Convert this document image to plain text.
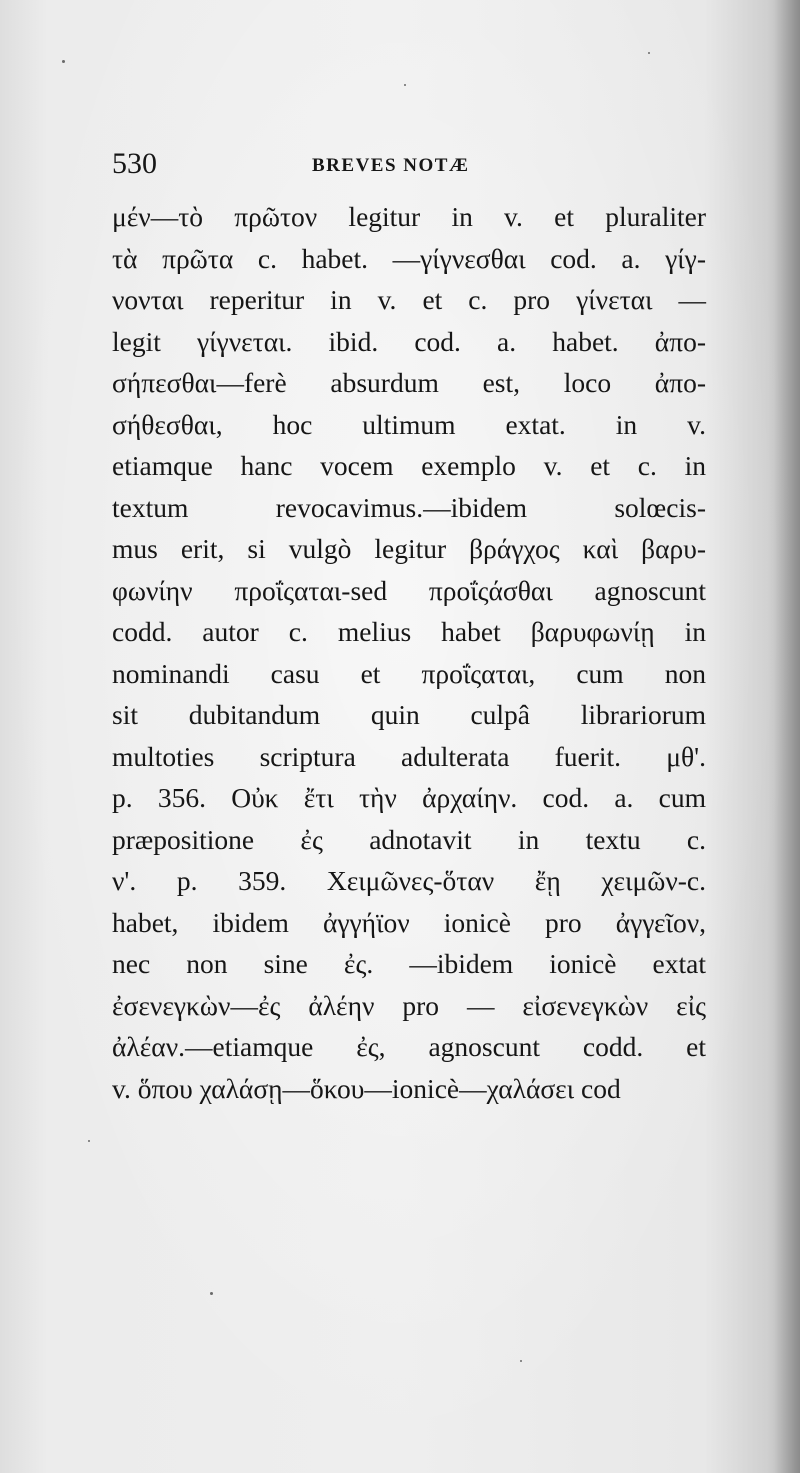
530	BREVES NOTÆ
μέν—τὸ πρῶτον legitur in v. et pluraliter
τὰ πρῶτα c. habet. —γίγνεσθαι cod. a. γίγ-
νονται reperitur in v. et c. pro γίνεται —
legit γίγνεται. ibid. cod. a. habet. ἀπο-
σήπεσθαι—ferè absurdum est, loco ἀπο-
σήθεσθαι, hoc ultimum extat. in v.
etiamque hanc vocem exemplo v. et c. in
textum revocavimus.—ibidem solœcis-
mus erit, si vulgò legitur βράγχος καὶ βαρυ-
φωνίην προΐςαται-sed προΐςάσθαι agnoscunt
codd. autor c. melius habet βαρυφωνίῃ in
nominandi casu et προΐςαται, cum non
sit dubitandum quin culpâ librariorum
multoties scriptura adulterata fuerit. μθ'.
p. 356. Οὐκ ἔτι τὴν ἀρχαίην. cod. a. cum
præpositione ἐς adnotavit in textu c.
ν'. p. 359. Χειμῶνες-ὅταν ἔῃ χειμῶν-c.
habet, ibidem ἀγγήϊον ionicè pro ἀγγεῖον,
nec non sine ἐς. —ibidem ionicè extat
ἐσενεγκὼν—ἐς ἀλέην pro — εἰσενεγκὼν εἰς
ἀλέαν.—etiamque ἐς, agnoscunt codd. et
v. ὅπου χαλάσῃ—ὅκου—ionicè—χαλάσει cod
